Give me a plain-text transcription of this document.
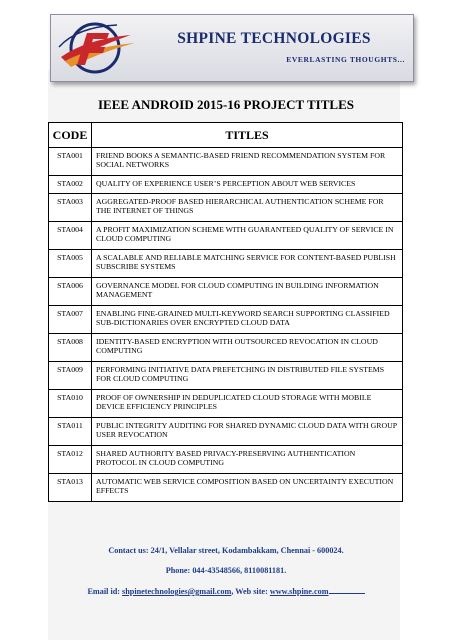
SHPINE TECHNOLOGIES
EVERLASTING THOUGHTS...
IEEE ANDROID 2015-16 PROJECT TITLES
CODE	TITLES
STA001	FRIEND BOOKS A SEMANTIC-BASED FRIEND RECOMMENDATION SYSTEM FOR SOCIAL NETWORKS
STA002	QUALITY OF EXPERIENCE USER’S PERCEPTION ABOUT WEB SERVICES
STA003	AGGREGATED-PROOF BASED HIERARCHICAL AUTHENTICATION SCHEME FOR THE INTERNET OF THINGS
STA004	A PROFIT MAXIMIZATION SCHEME WITH GUARANTEED QUALITY OF SERVICE IN CLOUD COMPUTING
STA005	A SCALABLE AND RELIABLE MATCHING SERVICE FOR CONTENT-BASED PUBLISH SUBSCRIBE SYSTEMS
STA006	GOVERNANCE MODEL FOR CLOUD COMPUTING IN BUILDING INFORMATION MANAGEMENT
STA007	ENABLING FINE-GRAINED MULTI-KEYWORD SEARCH SUPPORTING CLASSIFIED SUB-DICTIONARIES OVER ENCRYPTED CLOUD DATA
STA008	IDENTITY-BASED ENCRYPTION WITH OUTSOURCED REVOCATION IN CLOUD COMPUTING
STA009	PERFORMING INITIATIVE DATA PREFETCHING IN DISTRIBUTED FILE SYSTEMS FOR CLOUD COMPUTING
STA010	PROOF OF OWNERSHIP IN DEDUPLICATED CLOUD STORAGE WITH MOBILE DEVICE EFFICIENCY PRINCIPLES
STA011	PUBLIC INTEGRITY AUDITING FOR SHARED DYNAMIC CLOUD DATA WITH GROUP USER REVOCATION
STA012	SHARED AUTHORITY BASED PRIVACY-PRESERVING AUTHENTICATION PROTOCOL IN CLOUD COMPUTING
STA013	AUTOMATIC WEB SERVICE COMPOSITION BASED ON UNCERTAINTY EXECUTION EFFECTS
Contact us: 24/1, Vellalar street, Kodambakkam, Chennai - 600024.
Phone: 044-43548566, 8110081181.
Email id: shpinetechnologies@gmail.com, Web site: www.shpine.com
